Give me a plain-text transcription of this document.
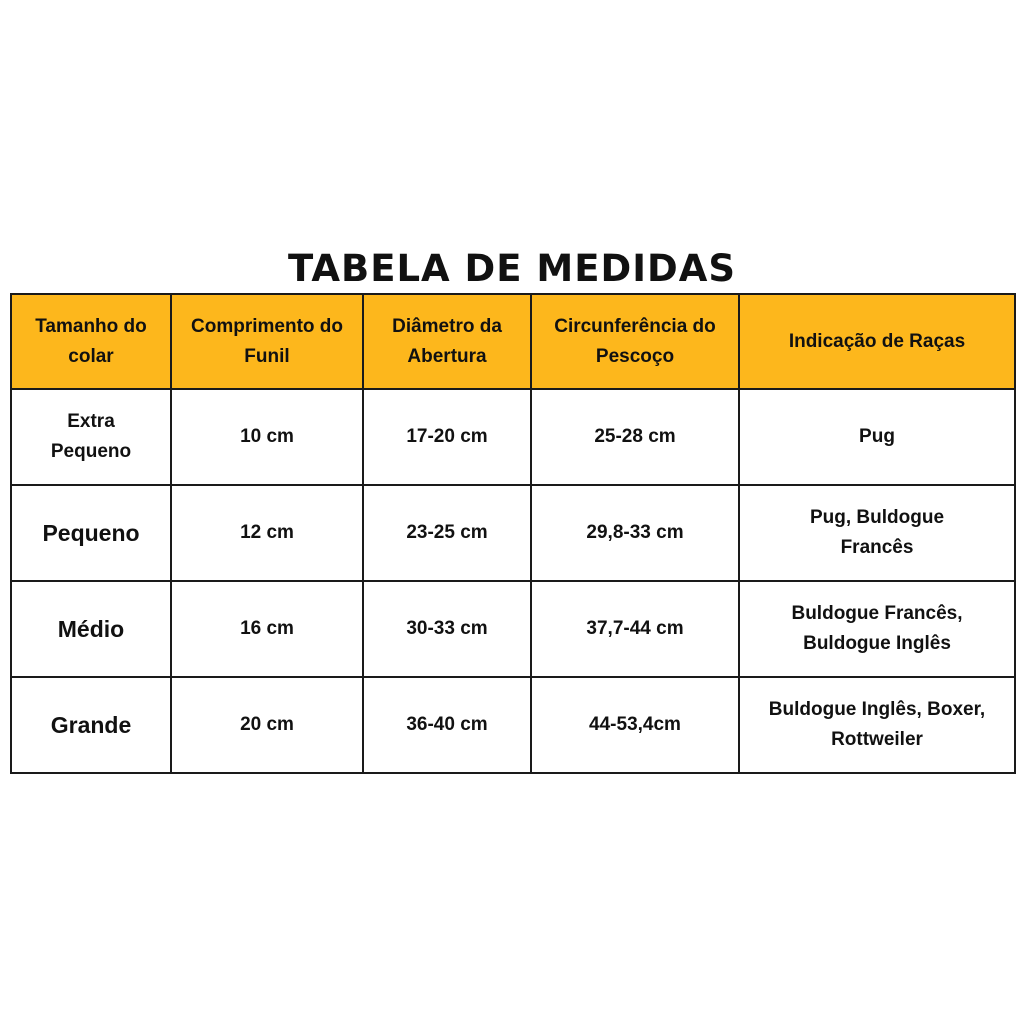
TABELA DE MEDIDAS
Tamanho do colar	Comprimento do Funil	Diâmetro da Abertura	Circunferência do Pescoço	Indicação de Raças
Extra Pequeno	10 cm	17-20 cm	25-28 cm	Pug
Pequeno	12 cm	23-25 cm	29,8-33 cm	Pug, Buldogue Francês
Médio	16 cm	30-33 cm	37,7-44 cm	Buldogue Francês, Buldogue Inglês
Grande	20 cm	36-40 cm	44-53,4cm	Buldogue Inglês, Boxer, Rottweiler
